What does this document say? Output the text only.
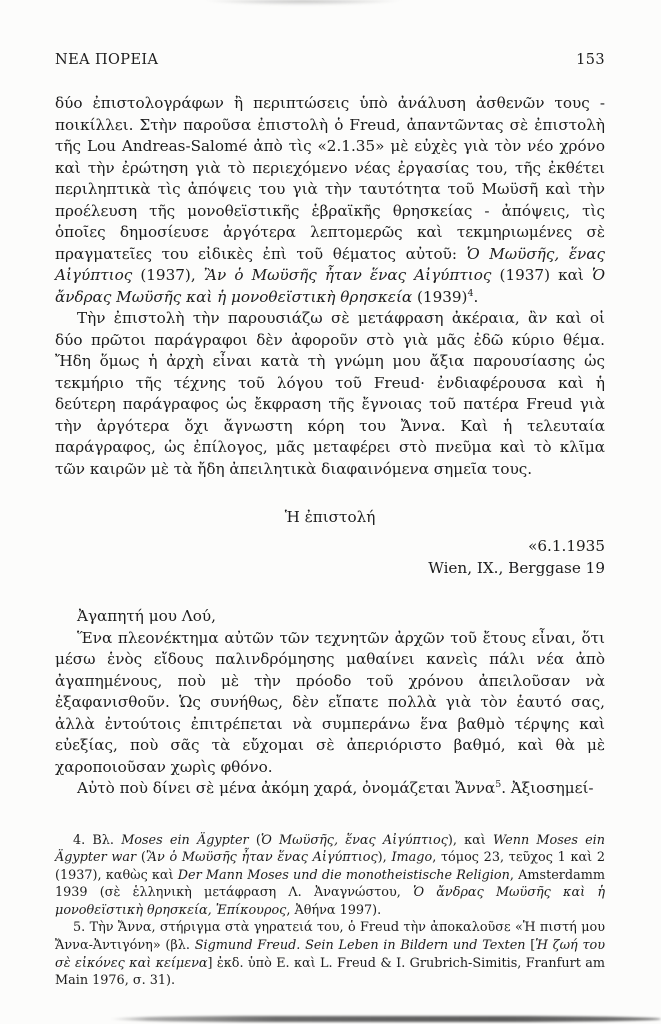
ΝΕΑ ΠΟΡΕΙΑ	153

δύο ἐπιστολογράφων ἢ περιπτώσεις ὑπὸ ἀνάλυση ἀσθενῶν τους - ποικίλλει. Στὴν παροῦσα ἐπιστολὴ ὁ Freud, ἀπαντῶντας σὲ ἐπιστολὴ τῆς Lou Andreas-Salomé ἀπὸ τὶς «2.1.35» μὲ εὐχὲς γιὰ τὸν νέο χρόνο καὶ τὴν ἐρώτηση γιὰ τὸ περιεχόμενο νέας ἐργασίας του, τῆς ἐκθέτει περιληπτικὰ τὶς ἀπόψεις του γιὰ τὴν ταυτότητα τοῦ Μωϋσῆ καὶ τὴν προέλευση τῆς μονοθεϊστικῆς ἑβραϊκῆς θρησκείας - ἀπόψεις, τὶς ὁποῖες δημοσίευσε ἀργότερα λεπτομερῶς καὶ τεκμηριωμένες σὲ πραγματεῖες του εἰδικὲς ἐπὶ τοῦ θέματος αὐτοῦ: Ὁ Μωϋσῆς, ἕνας Αἰγύπτιος (1937), Ἂν ὁ Μωϋσῆς ἦταν ἕνας Αἰγύπτιος (1937) καὶ Ὁ ἄνδρας Μωϋσῆς καὶ ἡ μονοθεϊστικὴ θρησκεία $(1939)^4$.

Τὴν ἐπιστολὴ τὴν παρουσιάζω σὲ μετάφραση ἀκέραια, ἂν καὶ οἱ δύο πρῶτοι παράγραφοι δὲν ἀφοροῦν στὸ γιὰ μᾶς ἐδῶ κύριο θέμα. Ἤδη ὅμως ἡ ἀρχὴ εἶναι κατὰ τὴ γνώμη μου ἄξια παρουσίασης ὡς τεκμήριο τῆς τέχνης τοῦ λόγου τοῦ Freud· ἐνδιαφέρουσα καὶ ἡ δεύτερη παράγραφος ὡς ἔκφραση τῆς ἔγνοιας τοῦ πατέρα Freud γιὰ τὴν ἀργότερα ὄχι ἄγνωστη κόρη του Ἄννα. Καὶ ἡ τελευταία παράγραφος, ὡς ἐπίλογος, μᾶς μεταφέρει στὸ πνεῦμα καὶ τὸ κλῖμα τῶν καιρῶν μὲ τὰ ἤδη ἀπειλητικὰ διαφαινόμενα σημεῖα τους.

Ἡ ἐπιστολή
«6.1.1935
Wien, IX., Berggase 19

Ἀγαπητή μου Λού,

Ἕνα πλεονέκτημα αὐτῶν τῶν τεχνητῶν ἀρχῶν τοῦ ἔτους εἶναι, ὅτι μέσω ἑνὸς εἴδους παλινδρόμησης μαθαίνει κανεὶς πάλι νέα ἀπὸ ἀγαπημένους, ποὺ μὲ τὴν πρόοδο τοῦ χρόνου ἀπειλοῦσαν νὰ ἐξαφανισθοῦν. Ὡς συνήθως, δὲν εἴπατε πολλὰ γιὰ τὸν ἑαυτό σας, ἀλλὰ ἐντούτοις ἐπιτρέπεται νὰ συμπεράνω ἕνα βαθμὸ τέρψης καὶ εὐεξίας, ποὺ σᾶς τὰ εὔχομαι σὲ ἀπεριόριστο βαθμό, καὶ θὰ μὲ χαροποιοῦσαν χωρὶς φθόνο.

Αὐτὸ ποὺ δίνει σὲ μένα ἀκόμη χαρά, ὀνομάζεται Ἄννα$^5$. Ἀξιοσημεί-

4. Βλ. Moses ein Ägypter (Ὁ Μωϋσῆς, ἕνας Αἰγύπτιος), καὶ Wenn Moses ein Ägypter war (Ἂν ὁ Μωϋσῆς ἦταν ἕνας Αἰγύπτιος), Imago, τόμος 23, τεῦχος 1 καὶ 2 (1937), καθὼς καὶ Der Mann Moses und die monotheistische Religion, Amsterdamm 1939 (σὲ ἑλληνικὴ μετάφραση Λ. Ἀναγνώστου, Ὁ ἄνδρας Μωϋσῆς καὶ ἡ μονοθεϊστικὴ θρησκεία, Ἐπίκουρος, Ἀθήνα 1997).

5. Τὴν Ἄννα, στήριγμα στὰ γηρατειά του, ὁ Freud τὴν ἀποκαλοῦσε «Ἡ πιστή μου Ἄννα-Ἀντιγόνη» (βλ. Sigmund Freud. Sein Leben in Bildern und Texten [Ἡ ζωή του σὲ εἰκόνες καὶ κείμενα] ἐκδ. ὑπὸ Ε. καὶ L. Freud & I. Grubrich-Simitis, Franfurt am Main 1976, σ. 31).
